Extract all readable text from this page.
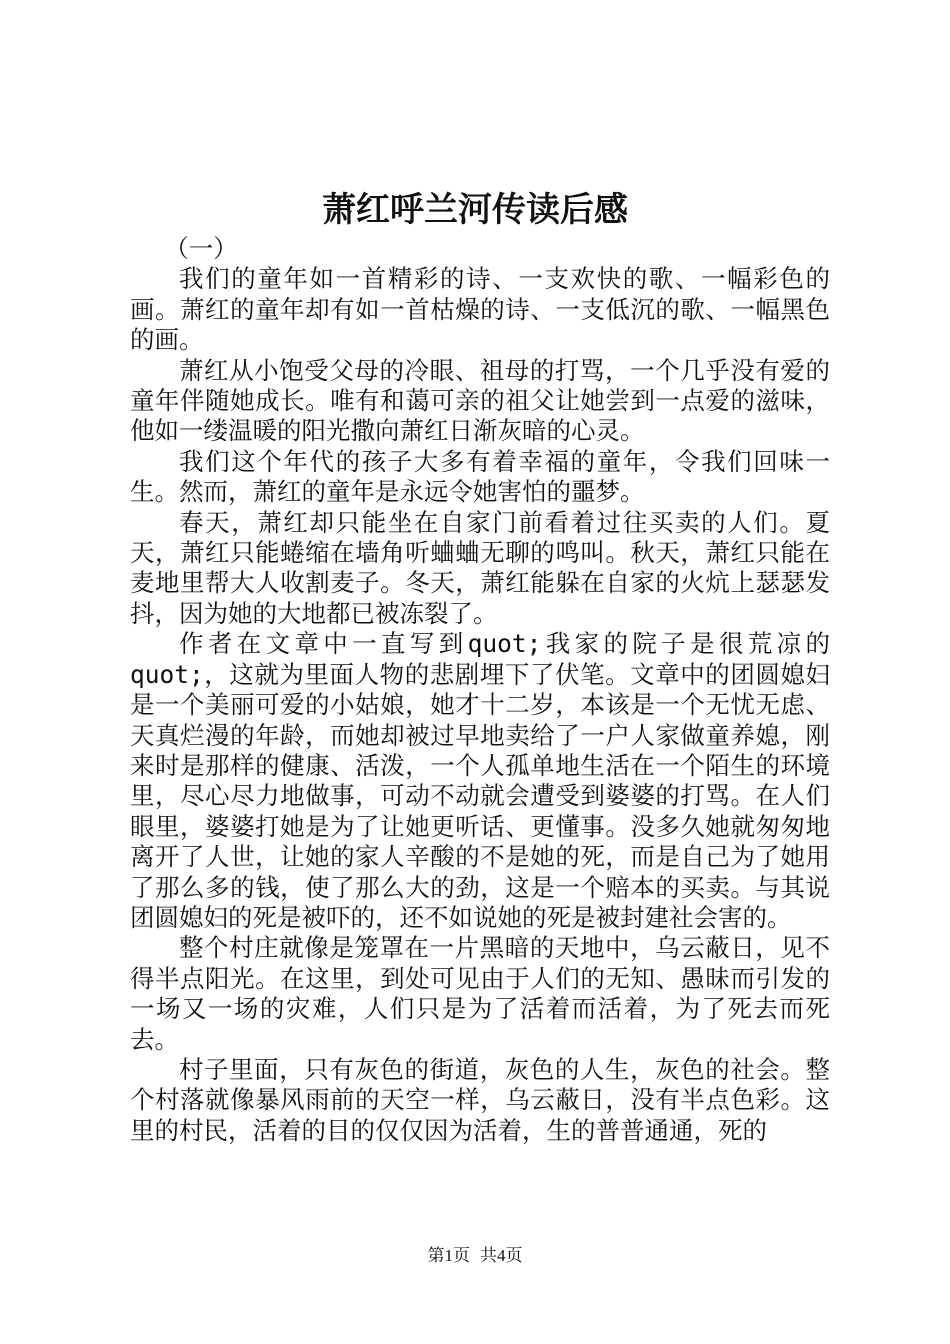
萧红呼兰河传读后感

（一）

我们的童年如一首精彩的诗、一支欢快的歌、一幅彩色的画。萧红的童年却有如一首枯燥的诗、一支低沉的歌、一幅黑色的画。

萧红从小饱受父母的冷眼、祖母的打骂，一个几乎没有爱的童年伴随她成长。唯有和蔼可亲的祖父让她尝到一点爱的滋味，他如一缕温暖的阳光撒向萧红日渐灰暗的心灵。

我们这个年代的孩子大多有着幸福的童年，令我们回味一生。然而，萧红的童年是永远令她害怕的噩梦。

春天，萧红却只能坐在自家门前看着过往买卖的人们。夏天，萧红只能蜷缩在墙角听蛐蛐无聊的鸣叫。秋天，萧红只能在麦地里帮大人收割麦子。冬天，萧红能躲在自家的火炕上瑟瑟发抖，因为她的大地都已被冻裂了。

作者在文章中一直写到quot;我家的院子是很荒凉的quot;，这就为里面人物的悲剧埋下了伏笔。文章中的团圆媳妇是一个美丽可爱的小姑娘，她才十二岁，本该是一个无忧无虑、天真烂漫的年龄，而她却被过早地卖给了一户人家做童养媳，刚来时是那样的健康、活泼，一个人孤单地生活在一个陌生的环境里，尽心尽力地做事，可动不动就会遭受到婆婆的打骂。在人们眼里，婆婆打她是为了让她更听话、更懂事。没多久她就匆匆地离开了人世，让她的家人辛酸的不是她的死，而是自己为了她用了那么多的钱，使了那么大的劲，这是一个赔本的买卖。与其说团圆媳妇的死是被吓的，还不如说她的死是被封建社会害的。

整个村庄就像是笼罩在一片黑暗的天地中，乌云蔽日，见不得半点阳光。在这里，到处可见由于人们的无知、愚昧而引发的一场又一场的灾难，人们只是为了活着而活着，为了死去而死去。

村子里面，只有灰色的街道，灰色的人生，灰色的社会。整个村落就像暴风雨前的天空一样，乌云蔽日，没有半点色彩。这里的村民，活着的目的仅仅因为活着，生的普普通通，死的

第1页 共4页
